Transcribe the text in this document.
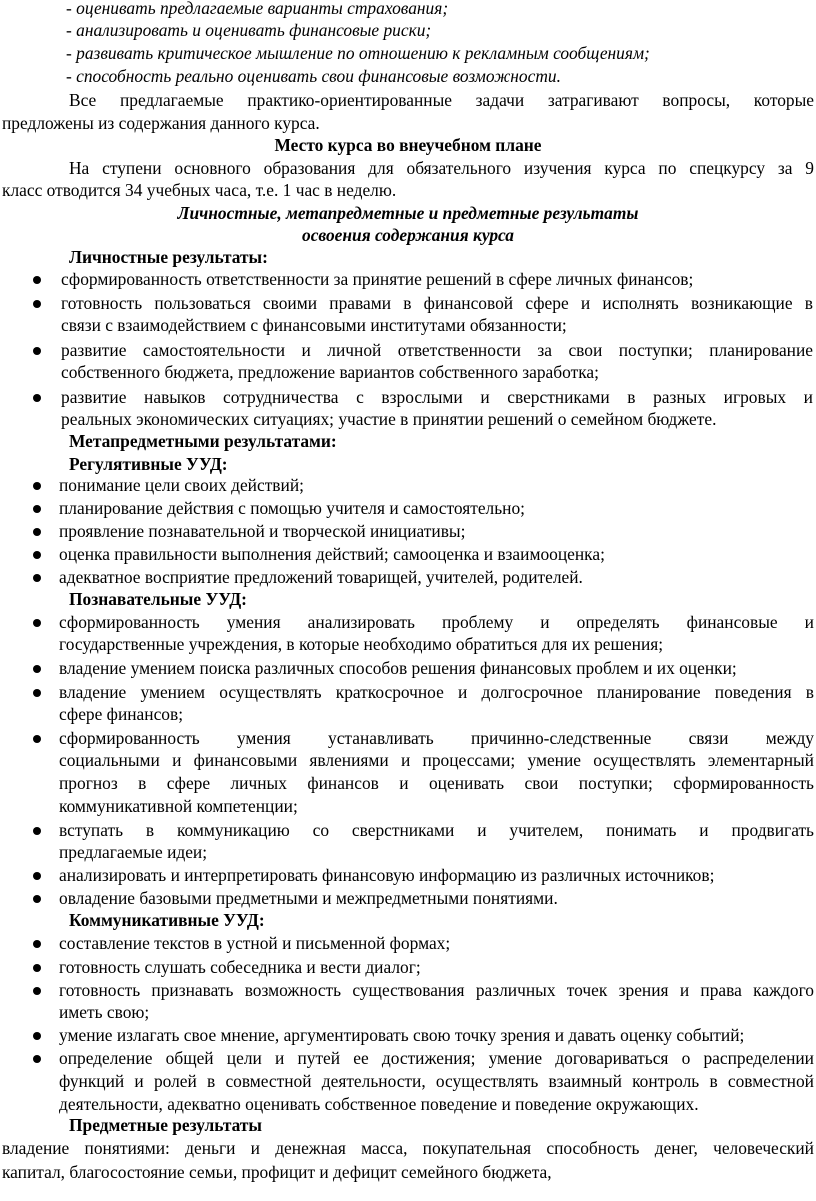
- оценивать предлагаемые варианты страхования;
- анализировать и оценивать финансовые риски;
- развивать критическое мышление по отношению к рекламным сообщениям;
- способность реально оценивать свои финансовые возможности.
Все предлагаемые практико-ориентированные задачи затрагивают вопросы, которые
предложены из содержания данного курса.
Место курса во внеучебном плане
На ступени основного образования для обязательного изучения курса по спецкурсу за 9
класс отводится 34 учебных часа, т.е. 1 час в неделю.
Личностные, метапредметные и предметные результаты
освоения содержания курса
Личностные результаты:
сформированность ответственности за принятие решений в сфере личных финансов;
готовность пользоваться своими правами в финансовой сфере и исполнять возникающие в
связи с взаимодействием с финансовыми институтами обязанности;
развитие самостоятельности и личной ответственности за свои поступки; планирование
собственного бюджета, предложение вариантов собственного заработка;
развитие навыков сотрудничества с взрослыми и сверстниками в разных игровых и
реальных экономических ситуациях; участие в принятии решений о семейном бюджете.
Метапредметными результатами:
Регулятивные УУД:
понимание цели своих действий;
планирование действия с помощью учителя и самостоятельно;
проявление познавательной и творческой инициативы;
оценка правильности выполнения действий; самооценка и взаимооценка;
адекватное восприятие предложений товарищей, учителей, родителей.
Познавательные УУД:
сформированность умения анализировать проблему и определять финансовые и
государственные учреждения, в которые необходимо обратиться для их решения;
владение умением поиска различных способов решения финансовых проблем и их оценки;
владение умением осуществлять краткосрочное и долгосрочное планирование поведения в
сфере финансов;
сформированность умения устанавливать причинно-следственные связи между
социальными и финансовыми явлениями и процессами; умение осуществлять элементарный
прогноз в сфере личных финансов и оценивать свои поступки; сформированность
коммуникативной компетенции;
вступать в коммуникацию со сверстниками и учителем, понимать и продвигать
предлагаемые идеи;
анализировать и интерпретировать финансовую информацию из различных источников;
овладение базовыми предметными и межпредметными понятиями.
Коммуникативные УУД:
составление текстов в устной и письменной формах;
готовность слушать собеседника и вести диалог;
готовность признавать возможность существования различных точек зрения и права каждого
иметь свою;
умение излагать свое мнение, аргументировать свою точку зрения и давать оценку событий;
определение общей цели и путей ее достижения; умение договариваться о распределении
функций и ролей в совместной деятельности, осуществлять взаимный контроль в совместной
деятельности, адекватно оценивать собственное поведение и поведение окружающих.
Предметные результаты
владение понятиями: деньги и денежная масса, покупательная способность денег, человеческий
капитал, благосостояние семьи, профицит и дефицит семейного бюджета,
